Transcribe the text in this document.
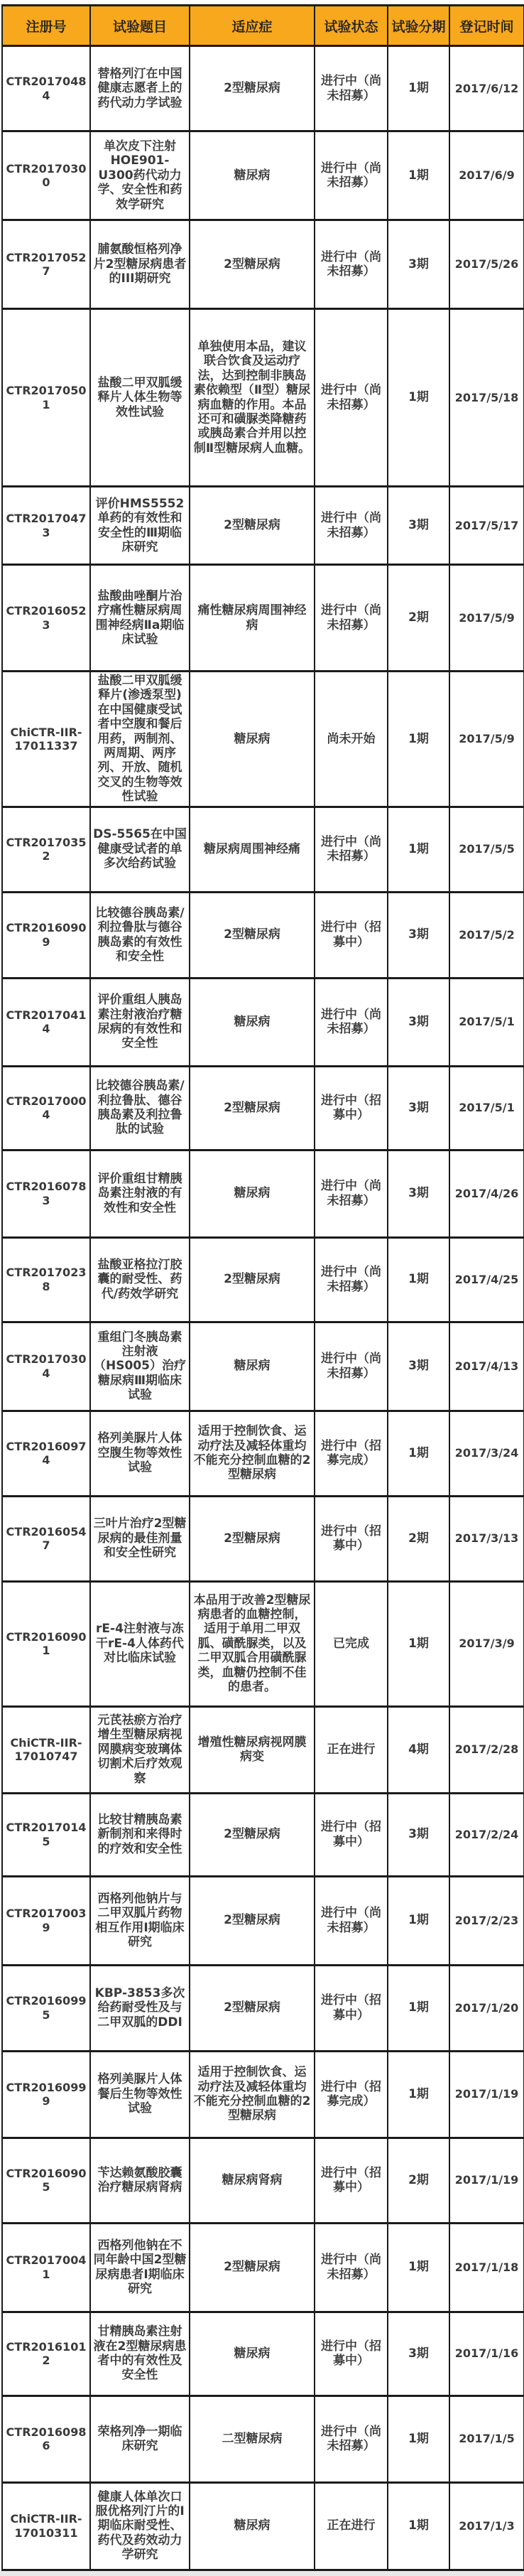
注册号	试验题目	适应症	试验状态	试验分期	登记时间
CTR20170484	替格列汀在中国健康志愿者上的药代动力学试验	2型糖尿病	进行中（尚未招募）	1期	2017/6/12
CTR20170300	单次皮下注射HOE901-U300药代动力学、安全性和药效学研究	糖尿病	进行中（尚未招募）	1期	2017/6/9
CTR20170527	脯氨酸恒格列净片2型糖尿病患者的III期研究	2型糖尿病	进行中（尚未招募）	3期	2017/5/26
CTR20170501	盐酸二甲双胍缓释片人体生物等效性试验	单独使用本品，建议联合饮食及运动疗法，达到控制非胰岛素依赖型（Ⅱ型）糖尿病血糖的作用。本品还可和磺脲类降糖药或胰岛素合并用以控制Ⅱ型糖尿病人血糖。	进行中（尚未招募）	1期	2017/5/18
CTR20170473	评价HMS5552单药的有效性和安全性的Ⅲ期临床研究	2型糖尿病	进行中（尚未招募）	3期	2017/5/17
CTR20160523	盐酸曲唑酮片治疗痛性糖尿病周围神经病Ⅱa期临床试验	痛性糖尿病周围神经病	进行中（尚未招募）	2期	2017/5/9
ChiCTR-IIR-17011337	盐酸二甲双胍缓释片(渗透泵型)在中国健康受试者中空腹和餐后用药，两制剂、两周期、两序列、开放、随机交叉的生物等效性试验	糖尿病	尚未开始	1期	2017/5/9
CTR20170352	DS-5565在中国健康受试者的单多次给药试验	糖尿病周围神经痛	进行中（尚未招募）	1期	2017/5/5
CTR20160909	比较德谷胰岛素/利拉鲁肽与德谷胰岛素的有效性和安全性	2型糖尿病	进行中（招募中）	3期	2017/5/2
CTR20170414	评价重组人胰岛素注射液治疗糖尿病的有效性和安全性	糖尿病	进行中（尚未招募）	3期	2017/5/1
CTR20170004	比较德谷胰岛素/利拉鲁肽、德谷胰岛素及利拉鲁肽的试验	2型糖尿病	进行中（招募中）	3期	2017/5/1
CTR20160783	评价重组甘精胰岛素注射液的有效性和安全性	糖尿病	进行中（尚未招募）	3期	2017/4/26
CTR20170238	盐酸亚格拉汀胶囊的耐受性、药代/药效学研究	2型糖尿病	进行中（尚未招募）	1期	2017/4/25
CTR20170304	重组门冬胰岛素注射液（HS005）治疗糖尿病Ⅲ期临床试验	糖尿病	进行中（尚未招募）	3期	2017/4/13
CTR20160974	格列美脲片人体空腹生物等效性试验	适用于控制饮食、运动疗法及减轻体重均不能充分控制血糖的2型糖尿病	进行中（招募完成）	1期	2017/3/24
CTR20160547	三叶片治疗2型糖尿病的最佳剂量和安全性研究	2型糖尿病	进行中（招募中）	2期	2017/3/13
CTR20160901	rE-4注射液与冻干rE-4人体药代对比临床试验	本品用于改善2型糖尿病患者的血糖控制，适用于单用二甲双胍、磺酰脲类，以及二甲双胍合用磺酰脲类，血糖仍控制不佳的患者。	已完成	1期	2017/3/9
ChiCTR-IIR-17010747	元芪祛瘀方治疗增生型糖尿病视网膜病变玻璃体切割术后疗效观察	增殖性糖尿病视网膜病变	正在进行	4期	2017/2/28
CTR20170145	比较甘精胰岛素新制剂和来得时的疗效和安全性	2型糖尿病	进行中（招募中）	3期	2017/2/24
CTR20170039	西格列他钠片与二甲双胍片药物相互作用I期临床研究	2型糖尿病	进行中（尚未招募）	1期	2017/2/23
CTR20160995	KBP-3853多次给药耐受性及与二甲双胍的DDI	2型糖尿病	进行中（招募中）	1期	2017/1/20
CTR20160999	格列美脲片人体餐后生物等效性试验	适用于控制饮食、运动疗法及减轻体重均不能充分控制血糖的2型糖尿病	进行中（招募完成）	1期	2017/1/19
CTR20160905	苄达赖氨酸胶囊治疗糖尿病肾病	糖尿病肾病	进行中（招募中）	2期	2017/1/19
CTR20170041	西格列他钠在不同年龄中国2型糖尿病患者I期临床研究	2型糖尿病	进行中（尚未招募）	1期	2017/1/18
CTR20161012	甘精胰岛素注射液在2型糖尿病患者中的有效性及安全性	糖尿病	进行中（招募中）	3期	2017/1/16
CTR20160986	荣格列净一期临床研究	二型糖尿病	进行中（尚未招募）	1期	2017/1/5
ChiCTR-IIR-17010311	健康人体单次口服优格列汀片的I期临床耐受性、药代及药效动力学研究	糖尿病	正在进行	1期	2017/1/3
